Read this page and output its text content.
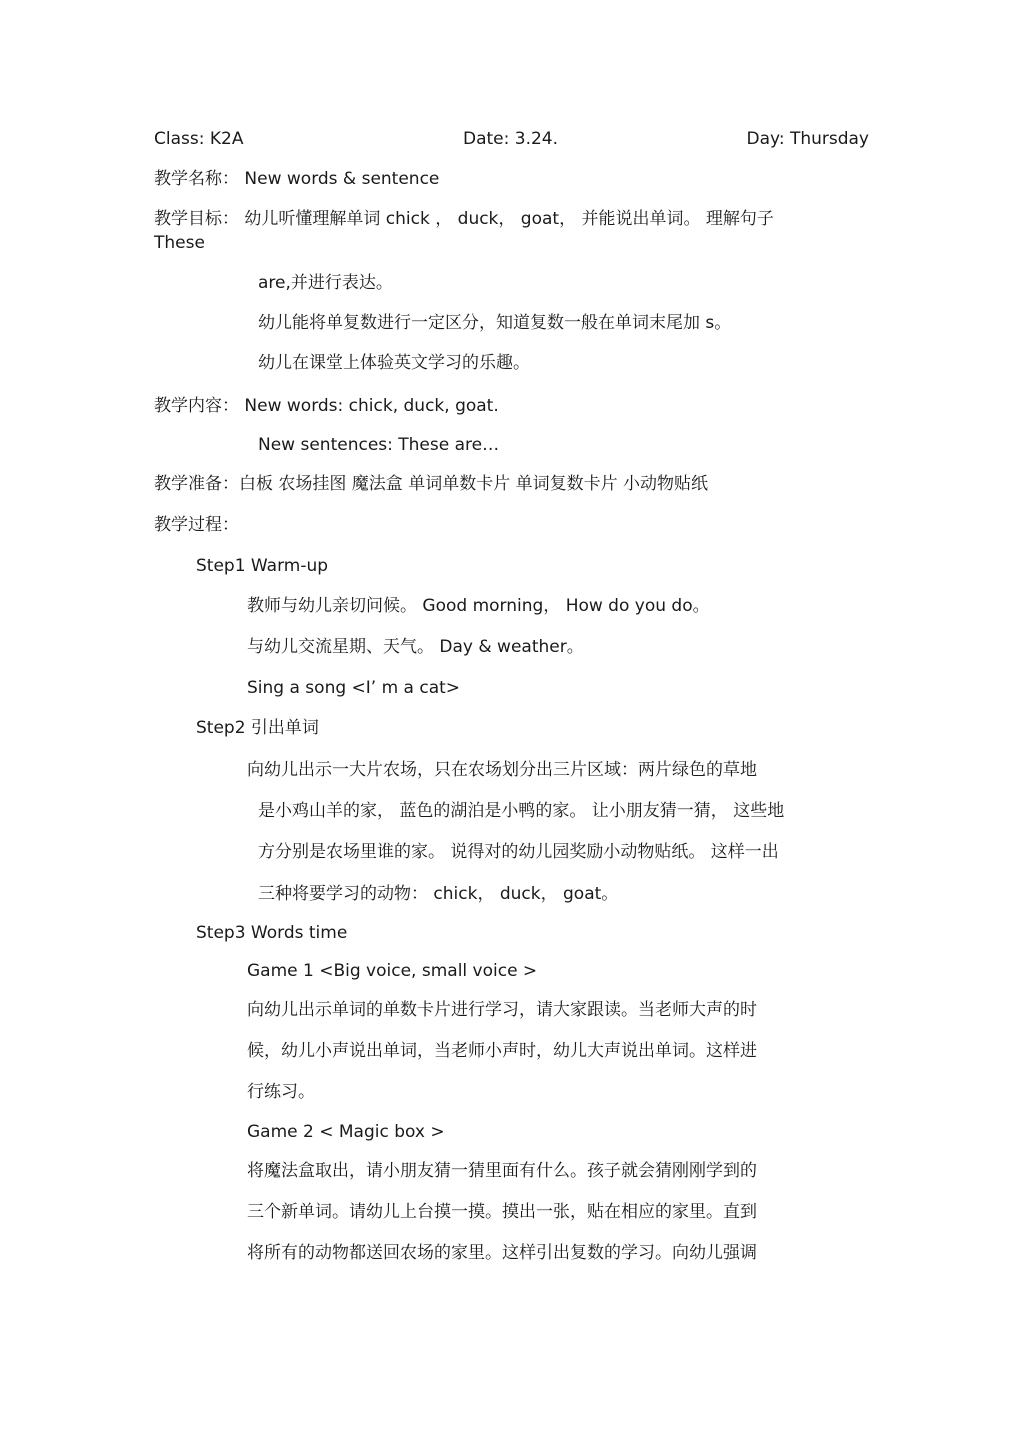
Class: K2A	Date: 3.24.	Day: Thursday
教学名称： New words & sentence
教学目标： 幼儿听懂理解单词 chick ， duck， goat， 并能说出单词。 理解句子
These
are,并进行表达。
幼儿能将单复数进行一定区分，知道复数一般在单词末尾加 s。
幼儿在课堂上体验英文学习的乐趣。
教学内容： New words: chick, duck, goat.
New sentences: These are…
教学准备：白板 农场挂图 魔法盒 单词单数卡片 单词复数卡片 小动物贴纸
教学过程：
Step1 Warm-up
教师与幼儿亲切问候。 Good morning， How do you do。
与幼儿交流星期、天气。 Day & weather。
Sing a song <I’ m a cat>
Step2 引出单词
向幼儿出示一大片农场，只在农场划分出三片区域：两片绿色的草地
是小鸡山羊的家， 蓝色的湖泊是小鸭的家。 让小朋友猜一猜， 这些地
方分别是农场里谁的家。 说得对的幼儿园奖励小动物贴纸。 这样一出
三种将要学习的动物： chick， duck， goat。
Step3 Words time
Game 1 <Big voice, small voice >
向幼儿出示单词的单数卡片进行学习，请大家跟读。当老师大声的时
候，幼儿小声说出单词，当老师小声时，幼儿大声说出单词。这样进
行练习。
Game 2 < Magic box >
将魔法盒取出，请小朋友猜一猜里面有什么。孩子就会猜刚刚学到的
三个新单词。请幼儿上台摸一摸。摸出一张，贴在相应的家里。直到
将所有的动物都送回农场的家里。这样引出复数的学习。向幼儿强调
